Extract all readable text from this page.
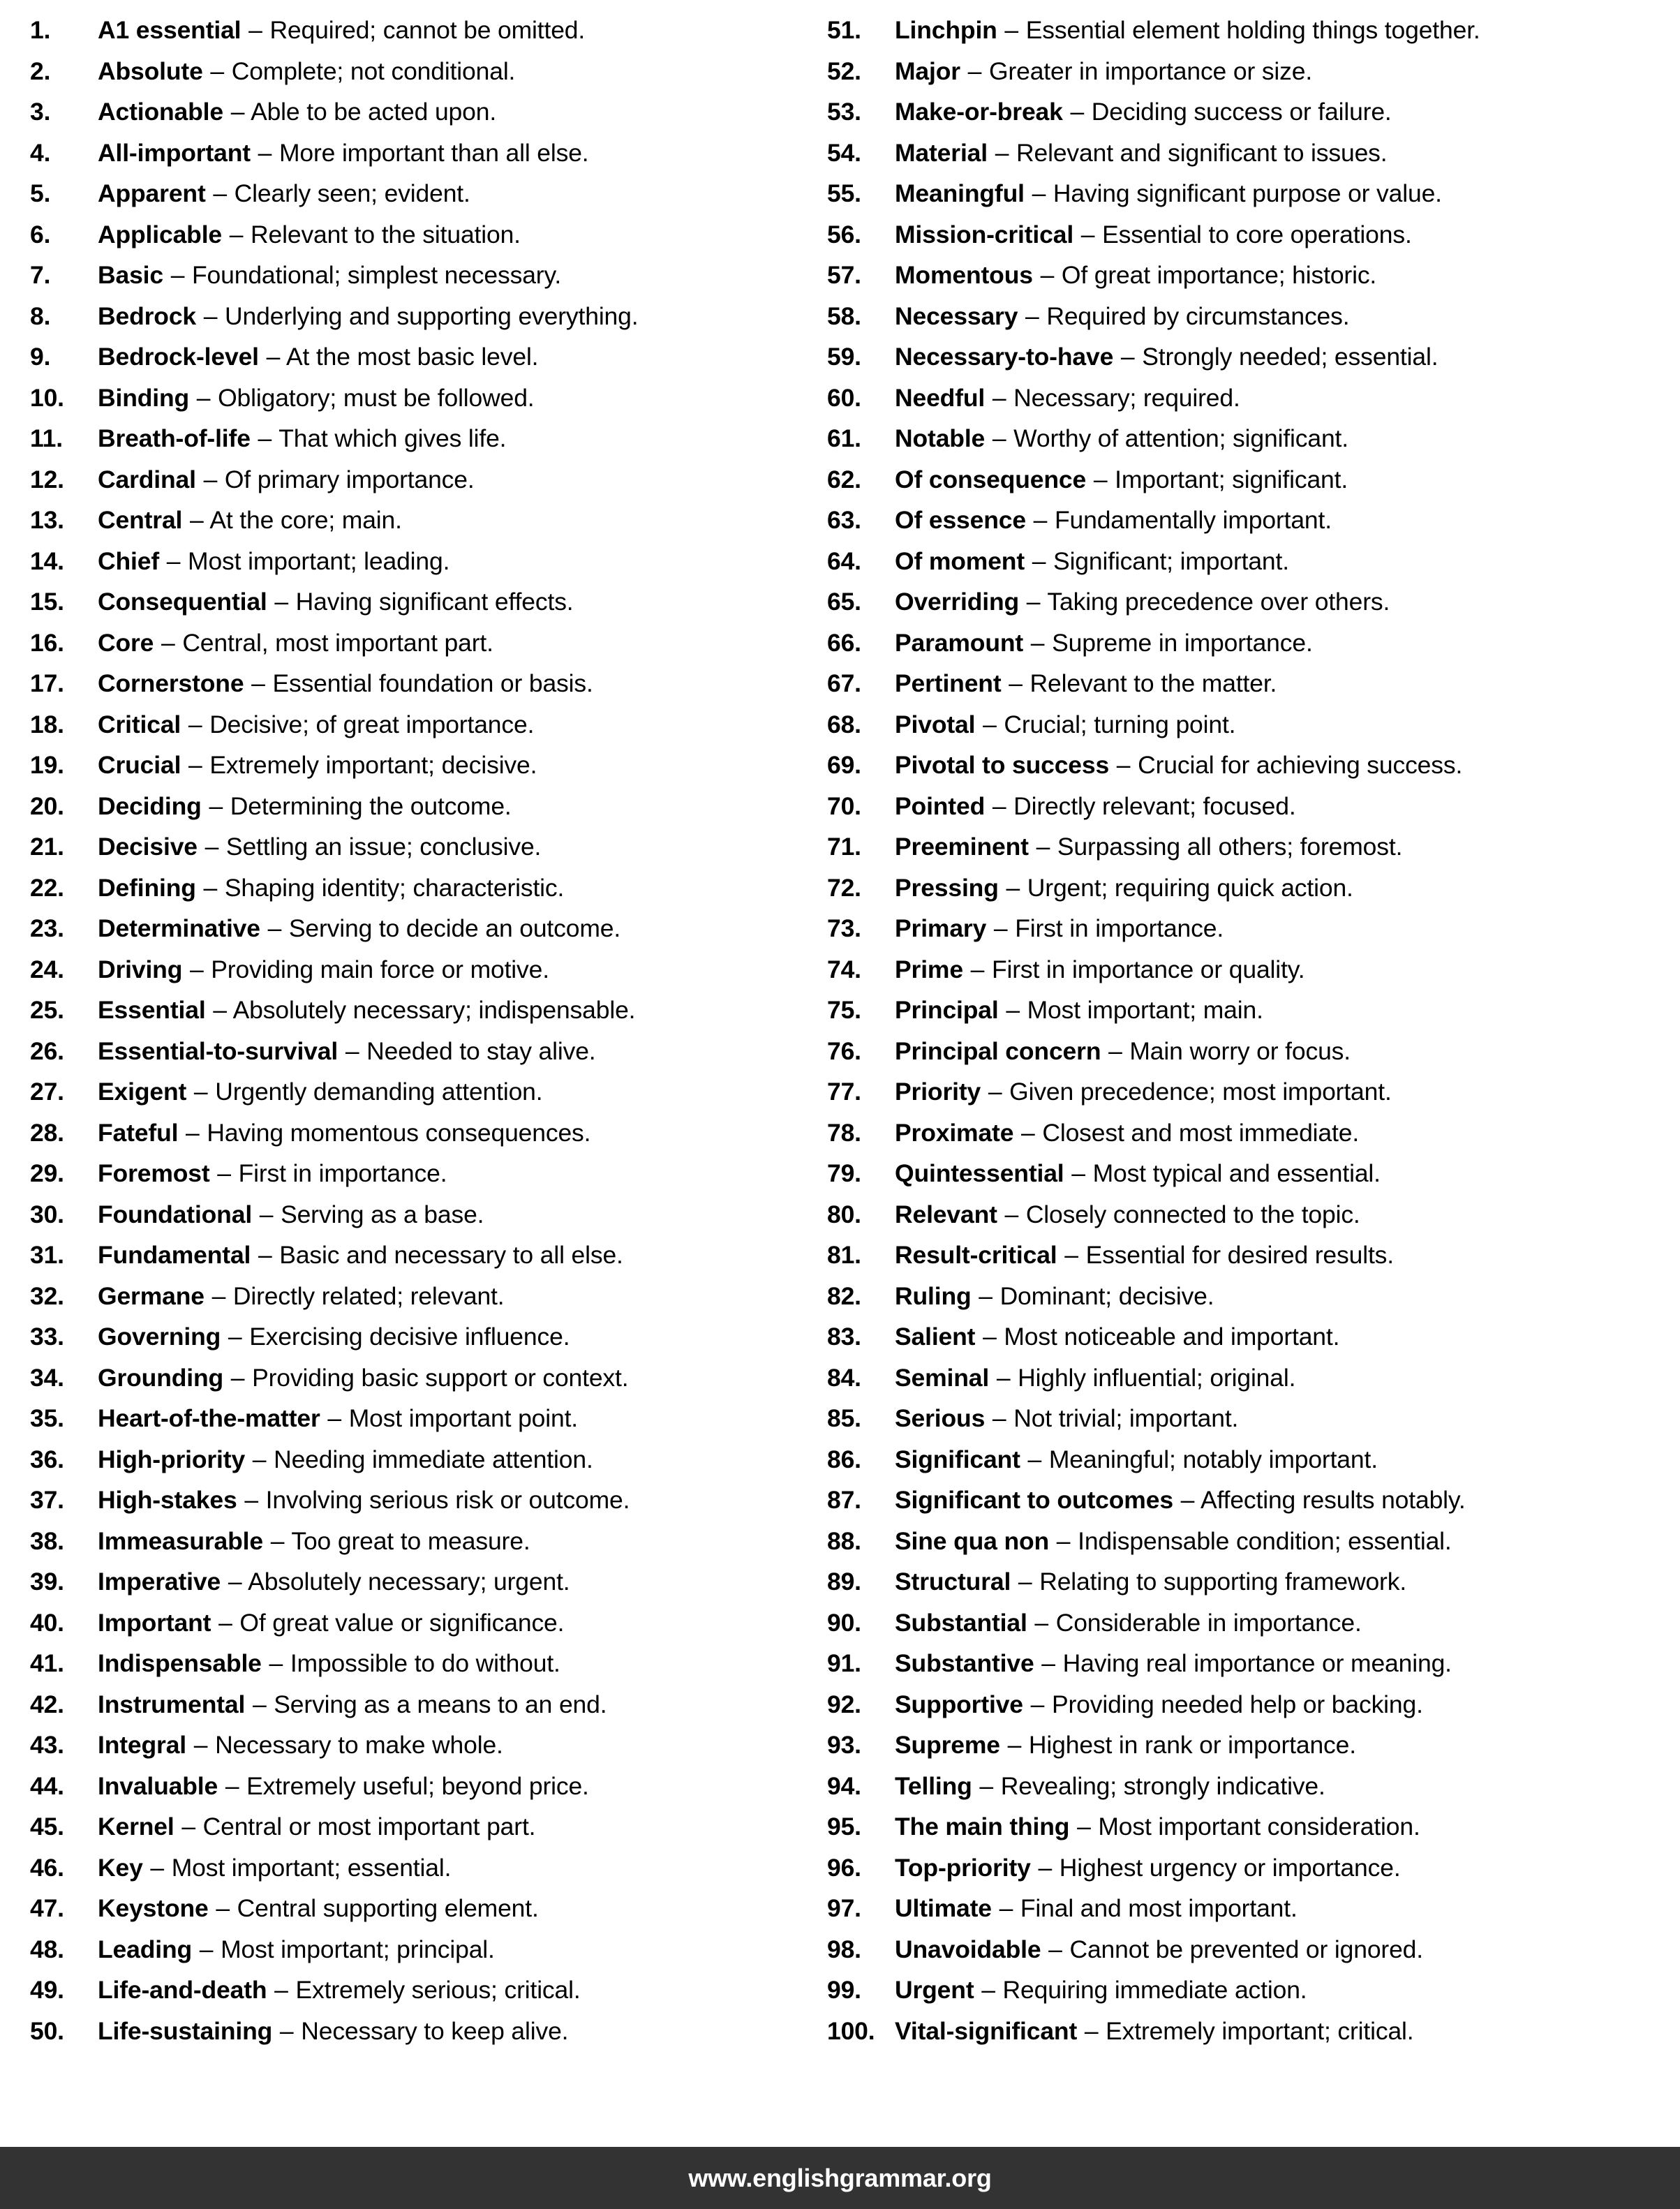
1.	A1 essential – Required; cannot be omitted.
2.	Absolute – Complete; not conditional.
3.	Actionable – Able to be acted upon.
4.	All-important – More important than all else.
5.	Apparent – Clearly seen; evident.
6.	Applicable – Relevant to the situation.
7.	Basic – Foundational; simplest necessary.
8.	Bedrock – Underlying and supporting everything.
9.	Bedrock-level – At the most basic level.
10.	Binding – Obligatory; must be followed.
11.	Breath-of-life – That which gives life.
12.	Cardinal – Of primary importance.
13.	Central – At the core; main.
14.	Chief – Most important; leading.
15.	Consequential – Having significant effects.
16.	Core – Central, most important part.
17.	Cornerstone – Essential foundation or basis.
18.	Critical – Decisive; of great importance.
19.	Crucial – Extremely important; decisive.
20.	Deciding – Determining the outcome.
21.	Decisive – Settling an issue; conclusive.
22.	Defining – Shaping identity; characteristic.
23.	Determinative – Serving to decide an outcome.
24.	Driving – Providing main force or motive.
25.	Essential – Absolutely necessary; indispensable.
26.	Essential-to-survival – Needed to stay alive.
27.	Exigent – Urgently demanding attention.
28.	Fateful – Having momentous consequences.
29.	Foremost – First in importance.
30.	Foundational – Serving as a base.
31.	Fundamental – Basic and necessary to all else.
32.	Germane – Directly related; relevant.
33.	Governing – Exercising decisive influence.
34.	Grounding – Providing basic support or context.
35.	Heart-of-the-matter – Most important point.
36.	High-priority – Needing immediate attention.
37.	High-stakes – Involving serious risk or outcome.
38.	Immeasurable – Too great to measure.
39.	Imperative – Absolutely necessary; urgent.
40.	Important – Of great value or significance.
41.	Indispensable – Impossible to do without.
42.	Instrumental – Serving as a means to an end.
43.	Integral – Necessary to make whole.
44.	Invaluable – Extremely useful; beyond price.
45.	Kernel – Central or most important part.
46.	Key – Most important; essential.
47.	Keystone – Central supporting element.
48.	Leading – Most important; principal.
49.	Life-and-death – Extremely serious; critical.
50.	Life-sustaining – Necessary to keep alive.
51.	Linchpin – Essential element holding things together.
52.	Major – Greater in importance or size.
53.	Make-or-break – Deciding success or failure.
54.	Material – Relevant and significant to issues.
55.	Meaningful – Having significant purpose or value.
56.	Mission-critical – Essential to core operations.
57.	Momentous – Of great importance; historic.
58.	Necessary – Required by circumstances.
59.	Necessary-to-have – Strongly needed; essential.
60.	Needful – Necessary; required.
61.	Notable – Worthy of attention; significant.
62.	Of consequence – Important; significant.
63.	Of essence – Fundamentally important.
64.	Of moment – Significant; important.
65.	Overriding – Taking precedence over others.
66.	Paramount – Supreme in importance.
67.	Pertinent – Relevant to the matter.
68.	Pivotal – Crucial; turning point.
69.	Pivotal to success – Crucial for achieving success.
70.	Pointed – Directly relevant; focused.
71.	Preeminent – Surpassing all others; foremost.
72.	Pressing – Urgent; requiring quick action.
73.	Primary – First in importance.
74.	Prime – First in importance or quality.
75.	Principal – Most important; main.
76.	Principal concern – Main worry or focus.
77.	Priority – Given precedence; most important.
78.	Proximate – Closest and most immediate.
79.	Quintessential – Most typical and essential.
80.	Relevant – Closely connected to the topic.
81.	Result-critical – Essential for desired results.
82.	Ruling – Dominant; decisive.
83.	Salient – Most noticeable and important.
84.	Seminal – Highly influential; original.
85.	Serious – Not trivial; important.
86.	Significant – Meaningful; notably important.
87.	Significant to outcomes – Affecting results notably.
88.	Sine qua non – Indispensable condition; essential.
89.	Structural – Relating to supporting framework.
90.	Substantial – Considerable in importance.
91.	Substantive – Having real importance or meaning.
92.	Supportive – Providing needed help or backing.
93.	Supreme – Highest in rank or importance.
94.	Telling – Revealing; strongly indicative.
95.	The main thing – Most important consideration.
96.	Top-priority – Highest urgency or importance.
97.	Ultimate – Final and most important.
98.	Unavoidable – Cannot be prevented or ignored.
99.	Urgent – Requiring immediate action.
100. Vital-significant – Extremely important; critical.
www.englishgrammar.org
